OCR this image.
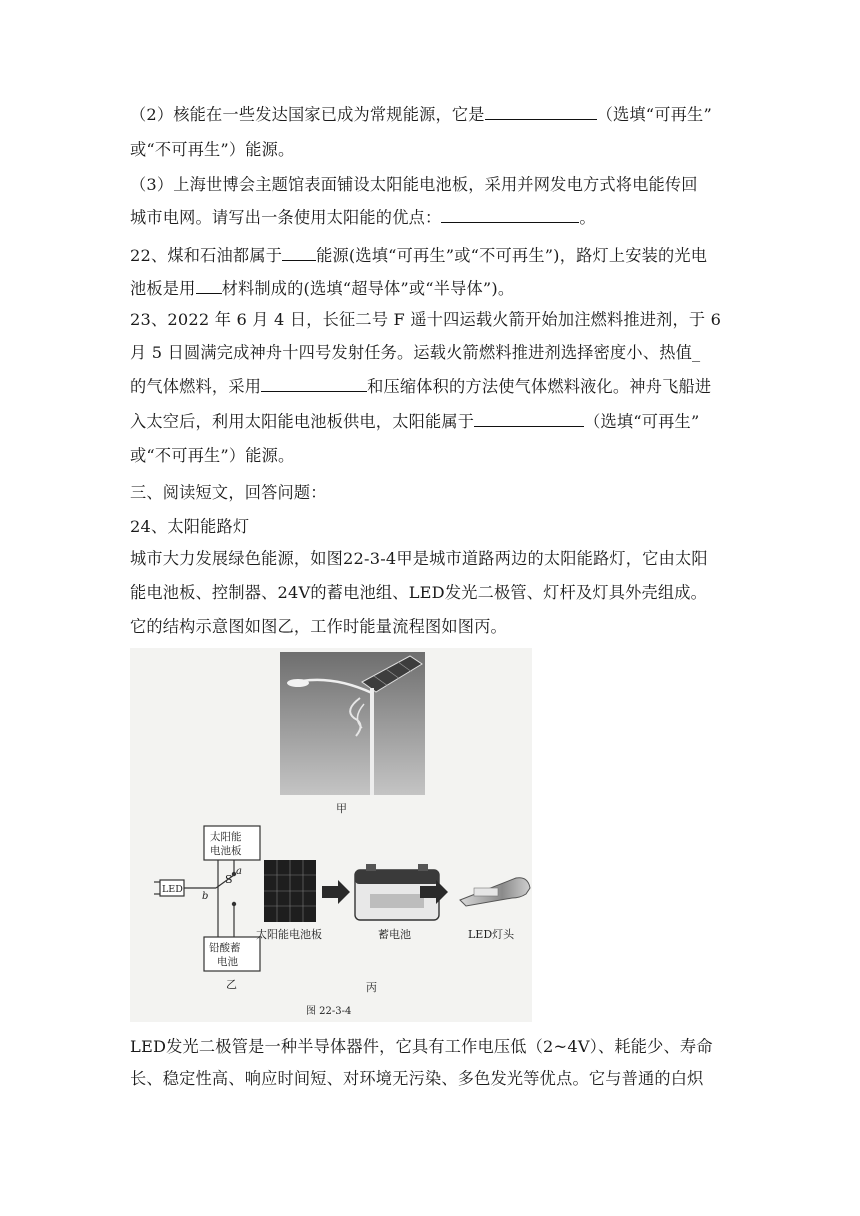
（2）核能在一些发达国家已成为常规能源，它是	（选填“可再生”
或“不可再生”）能源。
（3）上海世博会主题馆表面铺设太阳能电池板，采用并网发电方式将电能传回
城市电网。请写出一条使用太阳能的优点：	。
22、煤和石油都属于 能源(选填“可再生”或“不可再生”)，路灯上安装的光电
池板是用 材料制成的(选填“超导体”或“半导体”)。
23、2022 年 6 月 4 日，长征二号 F 遥十四运载火箭开始加注燃料推进剂，于 6
月 5 日圆满完成神舟十四号发射任务。运载火箭燃料推进剂选择密度小、热值_
的气体燃料，采用	和压缩体积的方法使气体燃料液化。神舟飞船进
入太空后，利用太阳能电池板供电，太阳能属于	（选填“可再生”
或“不可再生”）能源。
三、阅读短文，回答问题：
24、太阳能路灯
城市大力发展绿色能源，如图22-3-4甲是城市道路两边的太阳能路灯，它由太阳
能电池板、控制器、24V的蓄电池组、LED发光二极管、灯杆及灯具外壳组成。
它的结构示意图如图乙，工作时能量流程图如图丙。
甲
太阳能
电池板
铅酸蓄
电池
LED
S
a
b
乙
太阳能电池板	蓄电池	LED灯头
丙
图 22-3-4
LED发光二极管是一种半导体器件，它具有工作电压低（2~4V）、耗能少、寿命
长、稳定性高、响应时间短、对环境无污染、多色发光等优点。它与普通的白炽
